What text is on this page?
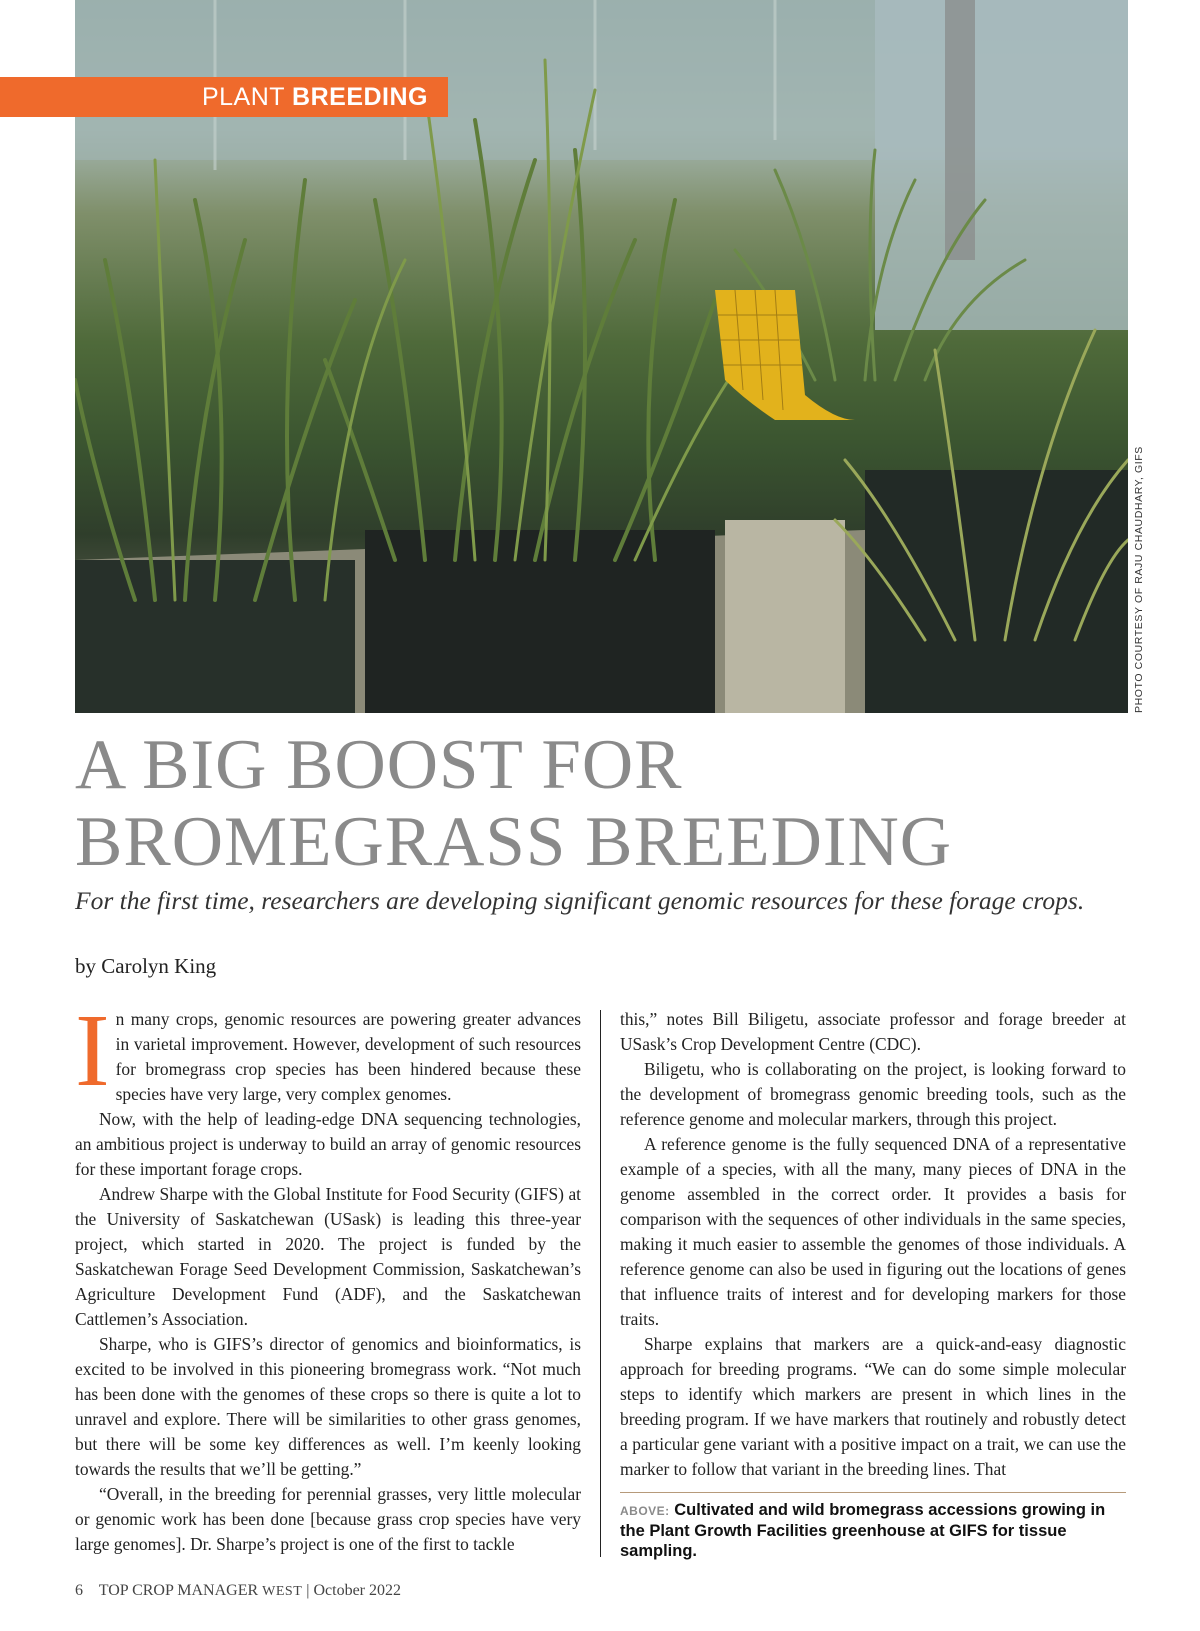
PLANT BREEDING
PHOTO COURTESY OF RAJU CHAUDHARY, GIFS
A BIG BOOST FOR
BROMEGRASS BREEDING

For the first time, researchers are developing significant genomic resources for these forage crops.

by Carolyn King

In many crops, genomic resources are powering greater advances in varietal improvement. However, development of such resources for bromegrass crop species has been hindered because these species have very large, very complex genomes.

Now, with the help of leading-edge DNA sequencing technologies, an ambitious project is underway to build an array of genomic resources for these important forage crops.

Andrew Sharpe with the Global Institute for Food Security (GIFS) at the University of Saskatchewan (USask) is leading this three-year project, which started in 2020. The project is funded by the Saskatchewan Forage Seed Development Commission, Saskatchewan’s Agriculture Development Fund (ADF), and the Saskatchewan Cattlemen’s Association.

Sharpe, who is GIFS’s director of genomics and bioinformatics, is excited to be involved in this pioneering bromegrass work. “Not much has been done with the genomes of these crops so there is quite a lot to unravel and explore. There will be similarities to other grass genomes, but there will be some key differences as well. I’m keenly looking towards the results that we’ll be getting.”

“Overall, in the breeding for perennial grasses, very little molecular or genomic work has been done [because grass crop species have very large genomes]. Dr. Sharpe’s project is one of the first to tackle

this,” notes Bill Biligetu, associate professor and forage breeder at USask’s Crop Development Centre (CDC).

Biligetu, who is collaborating on the project, is looking forward to the development of bromegrass genomic breeding tools, such as the reference genome and molecular markers, through this project.

A reference genome is the fully sequenced DNA of a representative example of a species, with all the many, many pieces of DNA in the genome assembled in the correct order. It provides a basis for comparison with the sequences of other individuals in the same species, making it much easier to assemble the genomes of those individuals. A reference genome can also be used in figuring out the locations of genes that influence traits of interest and for developing markers for those traits.

Sharpe explains that markers are a quick-and-easy diagnostic approach for breeding programs. “We can do some simple molecular steps to identify which markers are present in which lines in the breeding program. If we have markers that routinely and robustly detect a particular gene variant with a positive impact on a trait, we can use the marker to follow that variant in the breeding lines. That

ABOVE: Cultivated and wild bromegrass accessions growing in the Plant Growth Facilities greenhouse at GIFS for tissue sampling.
6 TOP CROP MANAGER WEST | October 2022
